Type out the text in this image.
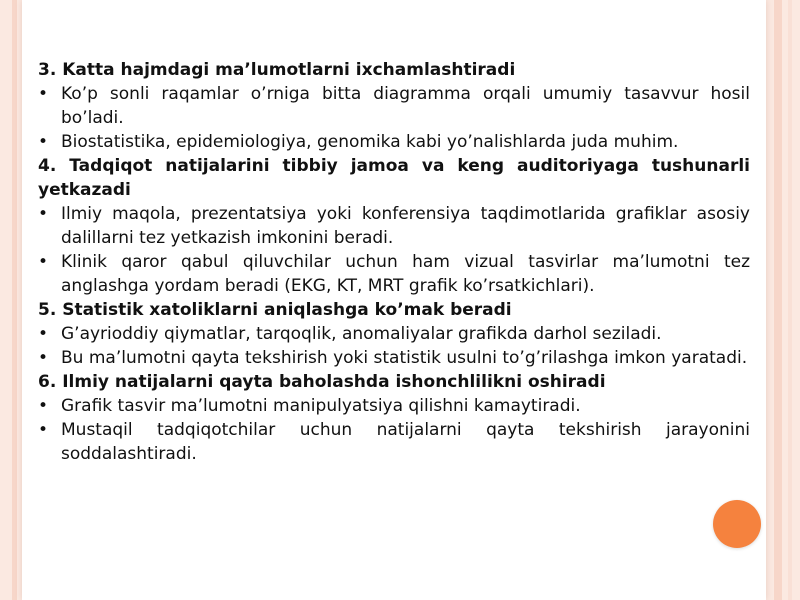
3. Katta hajmdagi ma’lumotlarni ixchamlashtiradi
• Ko’p sonli raqamlar o’rniga bitta diagramma orqali umumiy tasavvur hosil bo’ladi.
• Biostatistika, epidemiologiya, genomika kabi yo’nalishlarda juda muhim.
4. Tadqiqot natijalarini tibbiy jamoa va keng auditoriyaga tushunarli yetkazadi
• Ilmiy maqola, prezentatsiya yoki konferensiya taqdimotlarida grafiklar asosiy dalillarni tez yetkazish imkonini beradi.
• Klinik qaror qabul qiluvchilar uchun ham vizual tasvirlar ma’lumotni tez anglashga yordam beradi (EKG, KT, MRT grafik ko’rsatkichlari).
5. Statistik xatoliklarni aniqlashga ko’mak beradi
• G’ayrioddiy qiymatlar, tarqoqlik, anomaliyalar grafikda darhol seziladi.
• Bu ma’lumotni qayta tekshirish yoki statistik usulni to’g’rilashga imkon yaratadi.
6. Ilmiy natijalarni qayta baholashda ishonchlilikni oshiradi
• Grafik tasvir ma’lumotni manipulyatsiya qilishni kamaytiradi.
• Mustaqil tadqiqotchilar uchun natijalarni qayta tekshirish jarayonini soddalashtiradi.
